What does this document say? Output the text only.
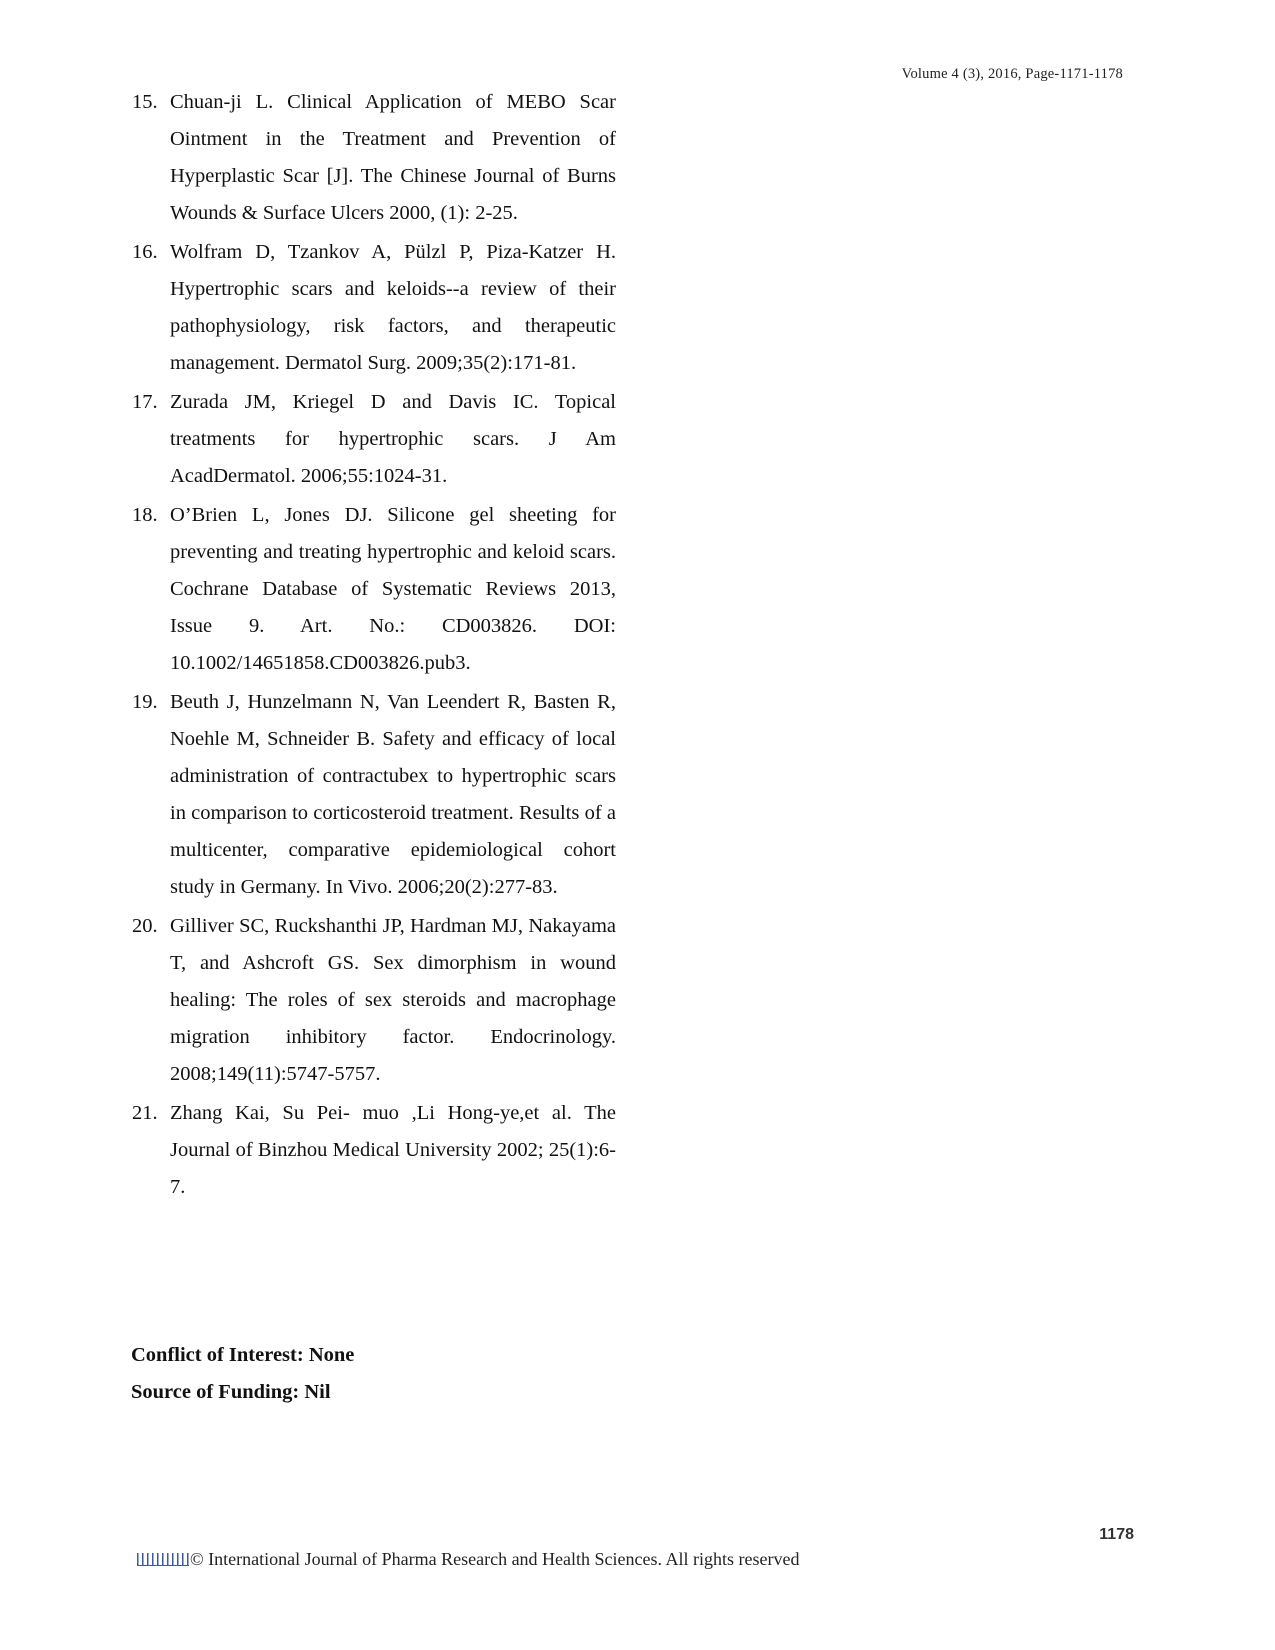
Volume 4 (3), 2016, Page-1171-1178
15. Chuan-ji L. Clinical Application of MEBO Scar Ointment in the Treatment and Prevention of Hyperplastic Scar [J]. The Chinese Journal of Burns Wounds & Surface Ulcers 2000, (1): 2-25.
16. Wolfram D, Tzankov A, Pülzl P, Piza-Katzer H. Hypertrophic scars and keloids--a review of their pathophysiology, risk factors, and therapeutic management. Dermatol Surg. 2009;35(2):171-81.
17. Zurada JM, Kriegel D and Davis IC. Topical treatments for hypertrophic scars. J Am AcadDermatol. 2006;55:1024-31.
18. O’Brien L, Jones DJ. Silicone gel sheeting for preventing and treating hypertrophic and keloid scars. Cochrane Database of Systematic Reviews 2013, Issue 9. Art. No.: CD003826. DOI: 10.1002/14651858.CD003826.pub3.
19. Beuth J, Hunzelmann N, Van Leendert R, Basten R, Noehle M, Schneider B. Safety and efficacy of local administration of contractubex to hypertrophic scars in comparison to corticosteroid treatment. Results of a multicenter, comparative epidemiological cohort study in Germany. In Vivo. 2006;20(2):277-83.
20. Gilliver SC, Ruckshanthi JP, Hardman MJ, Nakayama T, and Ashcroft GS. Sex dimorphism in wound healing: The roles of sex steroids and macrophage migration inhibitory factor. Endocrinology. 2008;149(11):5747-5757.
21. Zhang Kai, Su Pei- muo ,Li Hong-ye,et al. The Journal of Binzhou Medical University 2002; 25(1):6-7.
Conflict of Interest: None
Source of Funding: Nil
1178
© International Journal of Pharma Research and Health Sciences. All rights reserved
